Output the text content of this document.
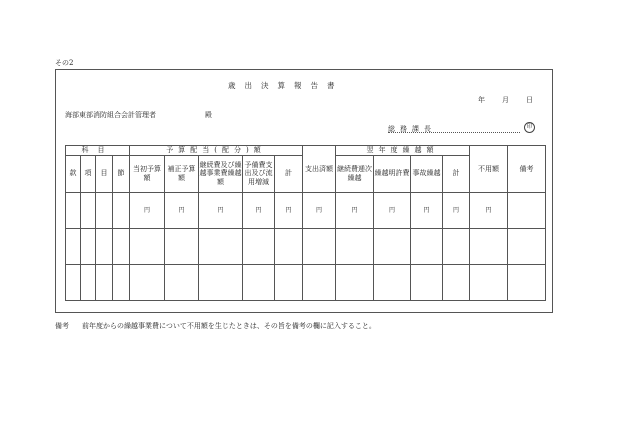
その2
歳出決算報告書
年 月 日
海部東部消防組合会計管理者	殿
総務課長	印
科目				予算配当(配分)額					支出済額	翌年度繰越額				不用額	備考
款	項	目	節	当初予算額	補正予算額	継続費及び繰越事業費繰越額	予備費支出及び流用増減	計		継続費逓次繰越	繰越明許費	事故繰越	計		
				円	円	円	円	円	円	円	円	円	円	円	

備考 前年度からの繰越事業費について不用額を生じたときは、その旨を備考の欄に記入すること。
